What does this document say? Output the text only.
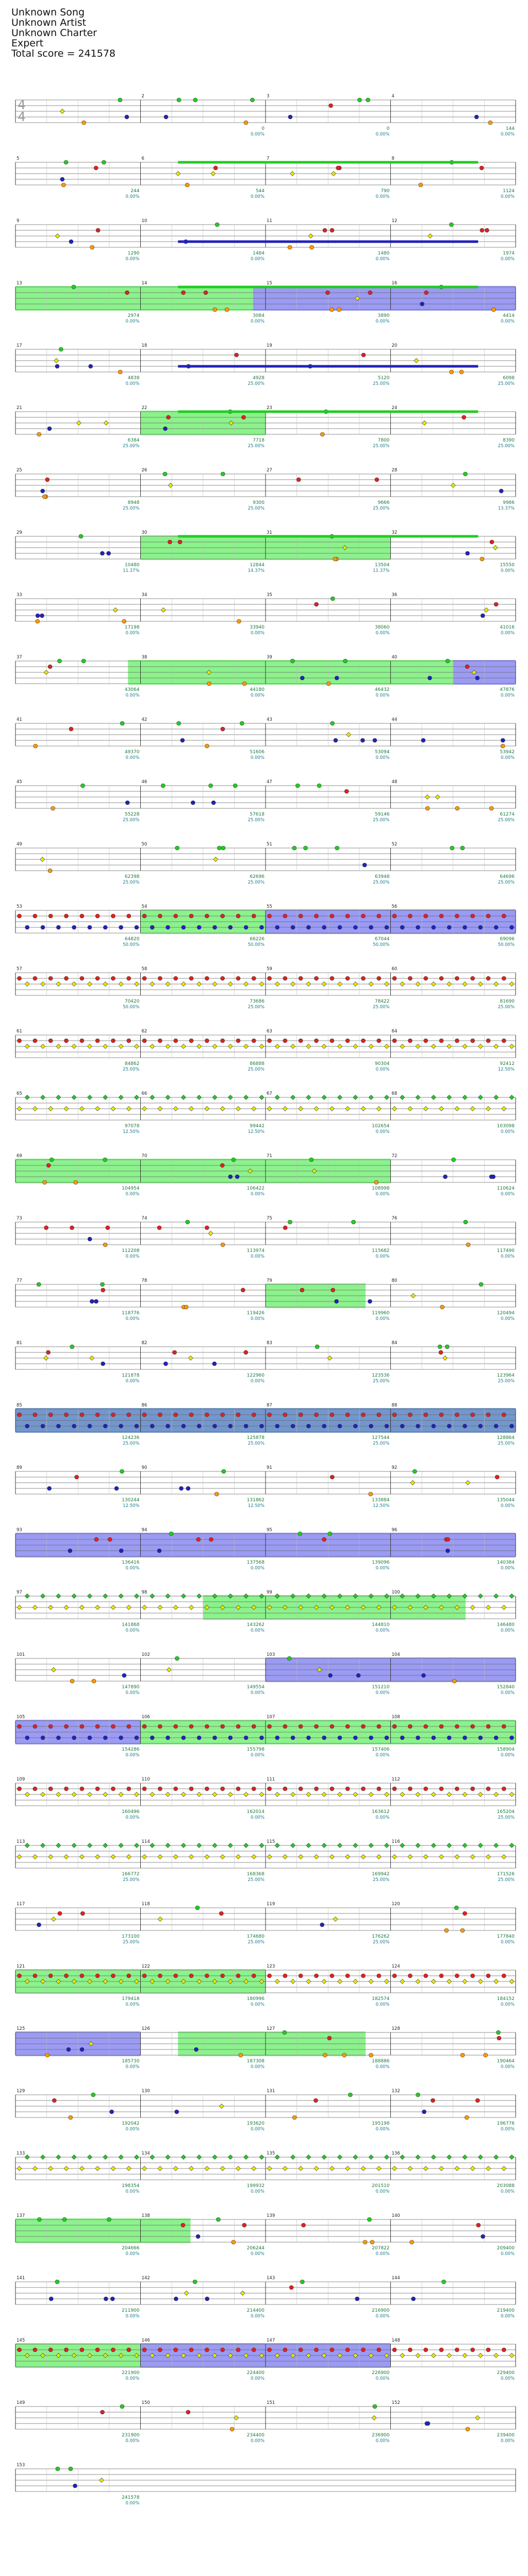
Unknown Song
Unknown Artist
Unknown Charter
Expert
Total score = 241578
2
0
0.00%
3
0
0.00%
4
144
0.00%
4
4
5
244
0.00%
6
544
0.00%
7
790
0.00%
8
1124
0.00%
9
1290
0.00%
10
1484
0.00%
11
1480
0.00%
12
1974
0.00%
13
2974
0.00%
14
3084
0.00%
15
3890
0.00%
16
4414
0.00%
17
4838
0.00%
18
4928
25.00%
19
5120
25.00%
20
6098
25.00%
21
6384
25.00%
22
7718
25.00%
23
7800
25.00%
24
8390
25.00%
25
8948
25.00%
26
9300
25.00%
27
9666
25.00%
28
9986
13.37%
29
10480
11.37%
30
12844
14.37%
31
13504
11.37%
32
15550
0.00%
33
17198
0.00%
34
33940
0.00%
35
38060
0.00%
36
41016
0.00%
37
43064
0.00%
38
44180
0.00%
39
46432
0.00%
40
47876
0.00%
41
49370
0.00%
42
51606
0.00%
43
53094
0.00%
44
53942
0.00%
45
55228
25.00%
46
57618
25.00%
47
59146
25.00%
48
61274
25.00%
49
62398
25.00%
50
62696
25.00%
51
63948
25.00%
52
64696
25.00%
53
64820
50.00%
54
66226
50.00%
55
67044
50.00%
56
69096
50.00%
57
70420
50.00%
58
73686
25.00%
59
78422
25.00%
60
81690
25.00%
61
84862
25.00%
62
86888
25.00%
63
90304
0.00%
64
92412
12.50%
65
97078
12.50%
66
99442
12.50%
67
102654
0.00%
68
103098
0.00%
69
104954
0.00%
70
106422
0.00%
71
108998
0.00%
72
110624
0.00%
73
112208
0.00%
74
113974
0.00%
75
115682
0.00%
76
117490
0.00%
77
118776
0.00%
78
119426
0.00%
79
119960
0.00%
80
120494
0.00%
81
121878
0.00%
82
122960
0.00%
83
123536
25.00%
84
123964
25.00%
85
124236
25.00%
86
125878
25.00%
87
127544
25.00%
88
128864
25.00%
89
130244
12.50%
90
131862
12.50%
91
133884
12.50%
92
135044
0.00%
93
136416
0.00%
94
137568
0.00%
95
139096
0.00%
96
140384
0.00%
97
141868
0.00%
98
143262
0.00%
99
144810
0.00%
100
146480
0.00%
101
147890
0.00%
102
149554
0.00%
103
151210
0.00%
104
152840
0.00%
105
154286
0.00%
106
155798
0.00%
107
157406
0.00%
108
158904
0.00%
109
160496
0.00%
110
162014
0.00%
111
163612
0.00%
112
165204
25.00%
113
166772
25.00%
114
168368
25.00%
115
169942
25.00%
116
171526
25.00%
117
173100
25.00%
118
174680
25.00%
119
176262
25.00%
120
177840
0.00%
121
179418
0.00%
122
180996
0.00%
123
182574
0.00%
124
184152
0.00%
125
185730
0.00%
126
187308
0.00%
127
188886
0.00%
128
190464
0.00%
129
192042
0.00%
130
193620
0.00%
131
195198
0.00%
132
196776
0.00%
133
198354
0.00%
134
199932
0.00%
135
201510
0.00%
136
203088
0.00%
137
204666
0.00%
138
206244
0.00%
139
207822
0.00%
140
209400
0.00%
141
211900
0.00%
142
214400
0.00%
143
216900
0.00%
144
219400
0.00%
145
221900
0.00%
146
224400
0.00%
147
226900
0.00%
148
229400
0.00%
149
231900
0.00%
150
234400
0.00%
151
236900
0.00%
152
239400
0.00%
153
241578
0.00%
